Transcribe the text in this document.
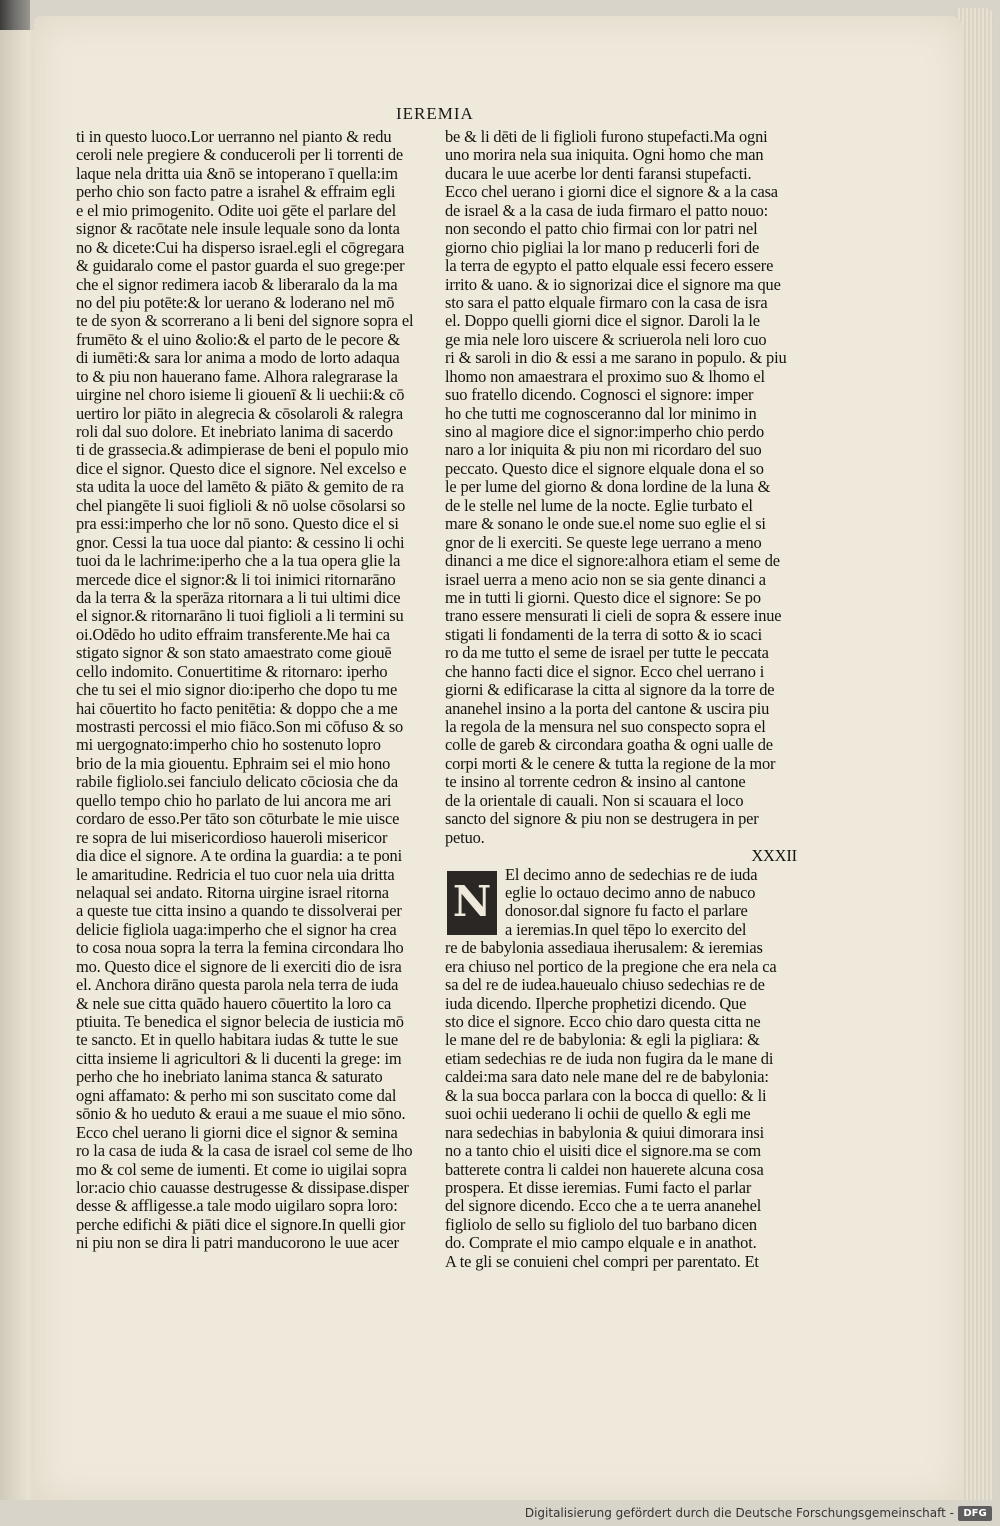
IEREMIA
ti in questo luoco.Lor uerranno nel pianto & redu
ceroli nele pregiere & conduceroli per li torrenti de
laque nela dritta uia &nō se intoperano ī quella:im
perho chio son facto patre a israhel & effraim egli
e el mio primogenito. Odite uoi gēte el parlare del
signor & racōtate nele insule lequale sono da lonta
no & dicete:Cui ha disperso israel.egli el cōgregara
& guidaralo come el pastor guarda el suo grege:per
che el signor redimera iacob & liberaralo da la ma
no del piu potēte:& lor uerano & loderano nel mō
te de syon & scorrerano a li beni del signore sopra el
frumēto & el uino &olio:& el parto de le pecore &
di iumēti:& sara lor anima a modo de lorto adaqua
to & piu non hauerano fame. Alhora ralegrarase la
uirgine nel choro isieme li giouenī & li uechii:& cō
uertiro lor piāto in alegrecia & cōsolaroli & ralegra
roli dal suo dolore. Et inebriato lanima di sacerdo
ti de grassecia.& adimpierase de beni el populo mio
dice el signor. Questo dice el signore. Nel excelso e
sta udita la uoce del lamēto & piāto & gemito de ra
chel piangēte li suoi figlioli & nō uolse cōsolarsi so
pra essi:imperho che lor nō sono. Questo dice el si
gnor. Cessi la tua uoce dal pianto: & cessino li ochi
tuoi da le lachrime:iperho che a la tua opera glie la
mercede dice el signor:& li toi inimici ritornarāno
da la terra & la sperāza ritornara a li tui ultimi dice
el signor.& ritornarāno li tuoi figlioli a li termini su
oi.Odēdo ho udito effraim transferente.Me hai ca
stigato signor & son stato amaestrato come giouē
cello indomito. Conuertitime & ritornaro: iperho
che tu sei el mio signor dio:iperho che dopo tu me
hai cōuertito ho facto penitētia: & doppo che a me
mostrasti percossi el mio fiāco.Son mi cōfuso & so
mi uergognato:imperho chio ho sostenuto lopro
brio de la mia giouentu. Ephraim sei el mio hono
rabile figliolo.sei fanciulo delicato cōciosia che da
quello tempo chio ho parlato de lui ancora me ari
cordaro de esso.Per tāto son cōturbate le mie uisce
re sopra de lui misericordioso haueroli misericor
dia dice el signore. A te ordina la guardia: a te poni
le amaritudine. Redricia el tuo cuor nela uia dritta
nelaqual sei andato. Ritorna uirgine israel ritorna
a queste tue citta insino a quando te dissolverai per
delicie figliola uaga:imperho che el signor ha crea
to cosa noua sopra la terra la femina circondara lho
mo. Questo dice el signore de li exerciti dio de isra
el. Anchora dirāno questa parola nela terra de iuda
& nele sue citta quādo hauero cōuertito la loro ca
ptiuita. Te benedica el signor belecia de iusticia mō
te sancto. Et in quello habitara iudas & tutte le sue
citta insieme li agricultori & li ducenti la grege: im
perho che ho inebriato lanima stanca & saturato
ogni affamato: & perho mi son suscitato come dal
sōnio & ho ueduto & eraui a me suaue el mio sōno.
Ecco chel uerano li giorni dice el signor & semina
ro la casa de iuda & la casa de israel col seme de lho
mo & col seme de iumenti. Et come io uigilai sopra
lor:acio chio cauasse destrugesse & dissipase.disper
desse & affligesse.a tale modo uigilaro sopra loro:
perche edifichi & piāti dice el signore.In quelli gior
ni piu non se dira li patri manducorono le uue acer
be & li dēti de li figlioli furono stupefacti.Ma ogni
uno morira nela sua iniquita. Ogni homo che man
ducara le uue acerbe lor denti faransi stupefacti.
Ecco chel uerano i giorni dice el signore & a la casa
de israel & a la casa de iuda firmaro el patto nouo:
non secondo el patto chio firmai con lor patri nel
giorno chio pigliai la lor mano p reducerli fori de
la terra de egypto el patto elquale essi fecero essere
irrito & uano. & io signorizai dice el signore ma que
sto sara el patto elquale firmaro con la casa de isra
el. Doppo quelli giorni dice el signor. Daroli la le
ge mia nele loro uiscere & scriuerola neli loro cuo
ri & saroli in dio & essi a me sarano in populo. & piu
lhomo non amaestrara el proximo suo & lhomo el
suo fratello dicendo. Cognosci el signore: imper
ho che tutti me cognosceranno dal lor minimo in
sino al magiore dice el signor:imperho chio perdo
naro a lor iniquita & piu non mi ricordaro del suo
peccato. Questo dice el signore elquale dona el so
le per lume del giorno & dona lordine de la luna &
de le stelle nel lume de la nocte. Eglie turbato el
mare & sonano le onde sue.el nome suo eglie el si
gnor de li exerciti. Se queste lege uerrano a meno
dinanci a me dice el signore:alhora etiam el seme de
israel uerra a meno acio non se sia gente dinanci a
me in tutti li giorni. Questo dice el signore: Se po
trano essere mensurati li cieli de sopra & essere inue
stigati li fondamenti de la terra di sotto & io scaci
ro da me tutto el seme de israel per tutte le peccata
che hanno facti dice el signor. Ecco chel uerrano i
giorni & edificarase la citta al signore da la torre de
ananehel insino a la porta del cantone & uscira piu
la regola de la mensura nel suo conspecto sopra el
colle de gareb & circondara goatha & ogni ualle de
corpi morti & le cenere & tutta la regione de la mor
te insino al torrente cedron & insino al cantone
de la orientale di cauali. Non si scauara el loco
sancto del signore & piu non se destrugera in per
petuo.
XXXII
N
El decimo anno de sedechias re de iuda
eglie lo octauo decimo anno de nabuco
donosor.dal signore fu facto el parlare
a ieremias.In quel tēpo lo exercito del
re de babylonia assediaua iherusalem: & ieremias
era chiuso nel portico de la pregione che era nela ca
sa del re de iudea.haueualo chiuso sedechias re de
iuda dicendo. Ilperche prophetizi dicendo. Que
sto dice el signore. Ecco chio daro questa citta ne
le mane del re de babylonia: & egli la pigliara: &
etiam sedechias re de iuda non fugira da le mane di
caldei:ma sara dato nele mane del re de babylonia:
& la sua bocca parlara con la bocca di quello: & li
suoi ochii uederano li ochii de quello & egli me
nara sedechias in babylonia & quiui dimorara insi
no a tanto chio el uisiti dice el signore.ma se com
batterete contra li caldei non hauerete alcuna cosa
prospera. Et disse ieremias. Fumi facto el parlar
del signore dicendo. Ecco che a te uerra ananehel
figliolo de sello su figliolo del tuo barbano dicen
do. Comprate el mio campo elquale e in anathot.
A te gli se conuieni chel compri per parentato. Et
Digitalisierung gefördert durch die Deutsche Forschungsgemeinschaft - DFG
